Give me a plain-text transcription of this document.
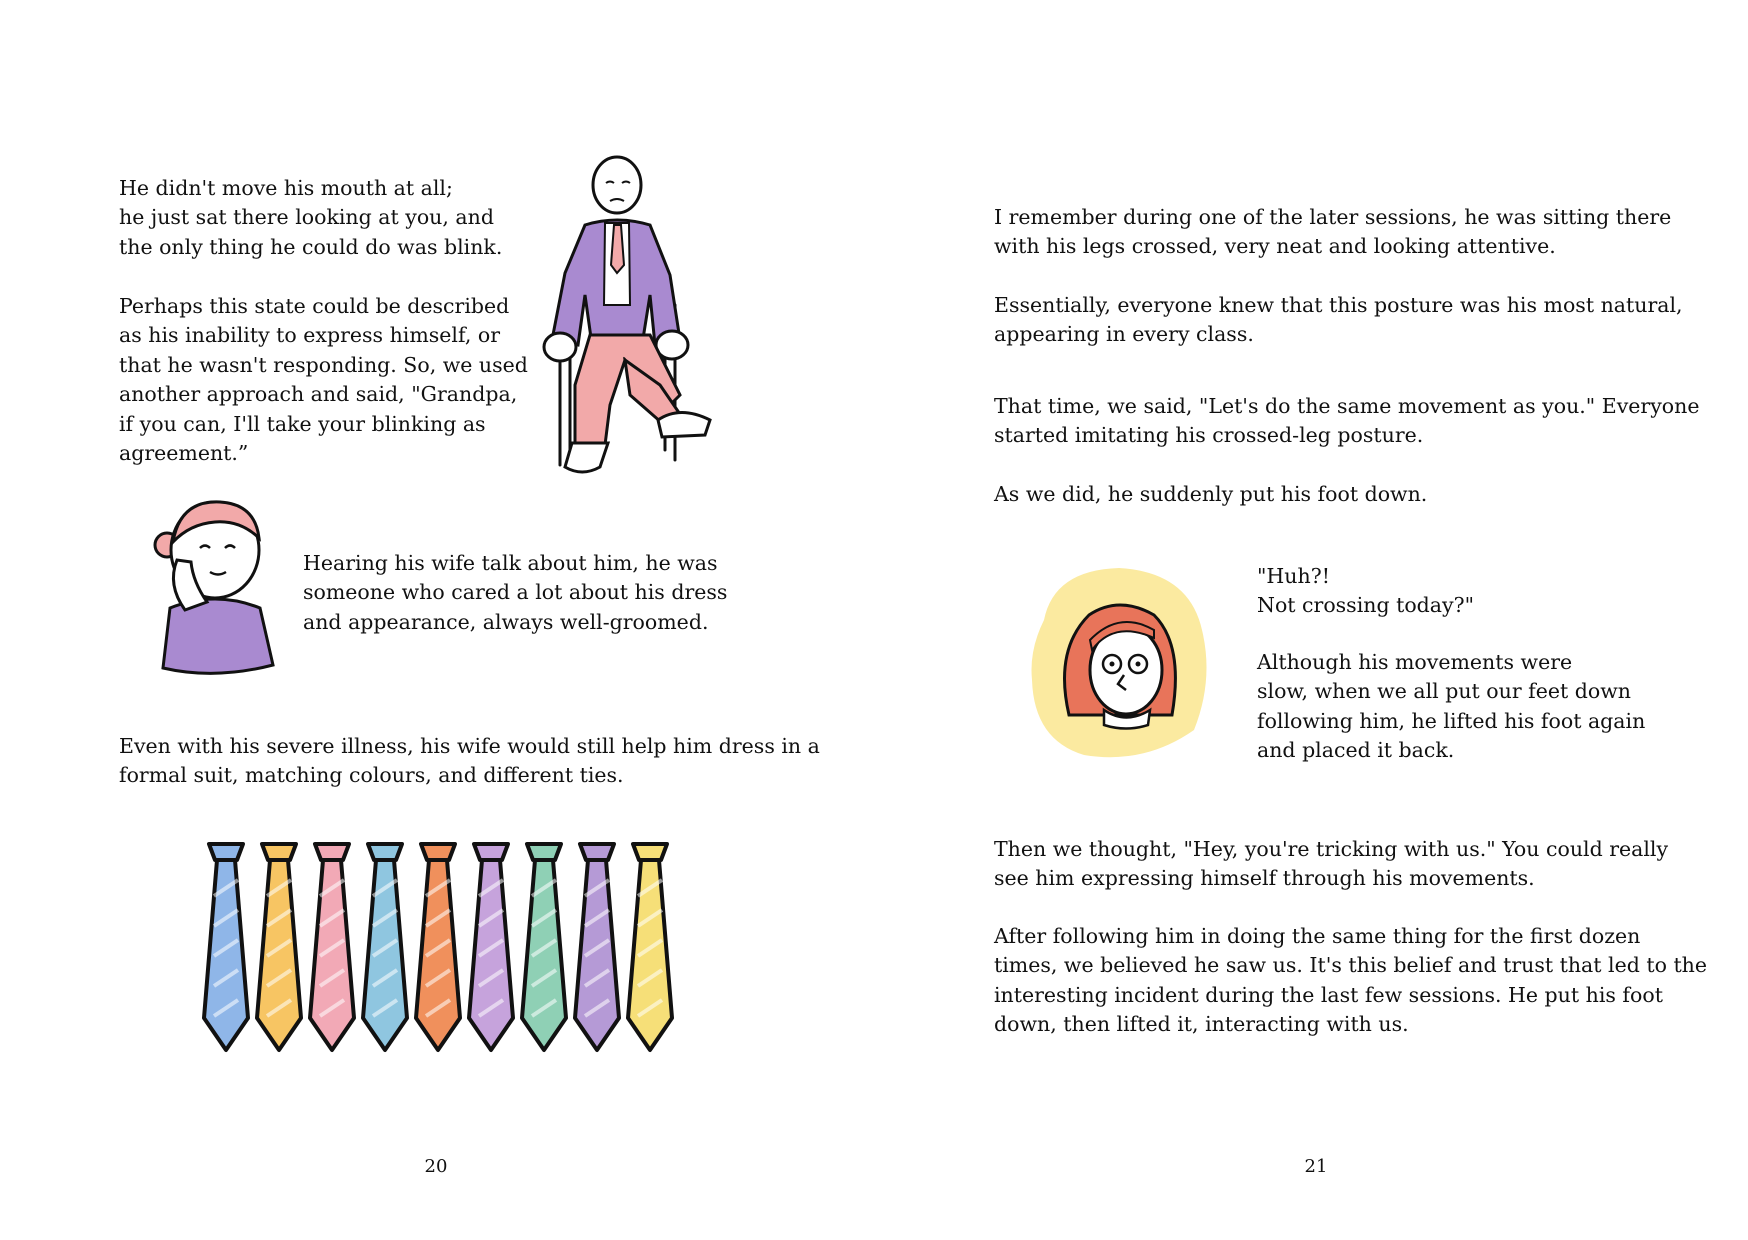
He didn't move his mouth at all;
he just sat there looking at you, and
the only thing he could do was blink.

Perhaps this state could be described
as his inability to express himself, or
that he wasn't responding. So, we used
another approach and said, "Grandpa,
if you can, I'll take your blinking as
agreement.”

Hearing his wife talk about him, he was
someone who cared a lot about his dress
and appearance, always well-groomed.

Even with his severe illness, his wife would still help him dress in a
formal suit, matching colours, and different ties.

20

I remember during one of the later sessions, he was sitting there
with his legs crossed, very neat and looking attentive.

Essentially, everyone knew that this posture was his most natural,
appearing in every class.

That time, we said, "Let's do the same movement as you." Everyone
started imitating his crossed-leg posture.

As we did, he suddenly put his foot down.

"Huh?!
Not crossing today?"

Although his movements were
slow, when we all put our feet down
following him, he lifted his foot again
and placed it back.

Then we thought, "Hey, you're tricking with us." You could really
see him expressing himself through his movements.

After following him in doing the same thing for the first dozen
times, we believed he saw us. It's this belief and trust that led to the
interesting incident during the last few sessions. He put his foot
down, then lifted it, interacting with us.

21
